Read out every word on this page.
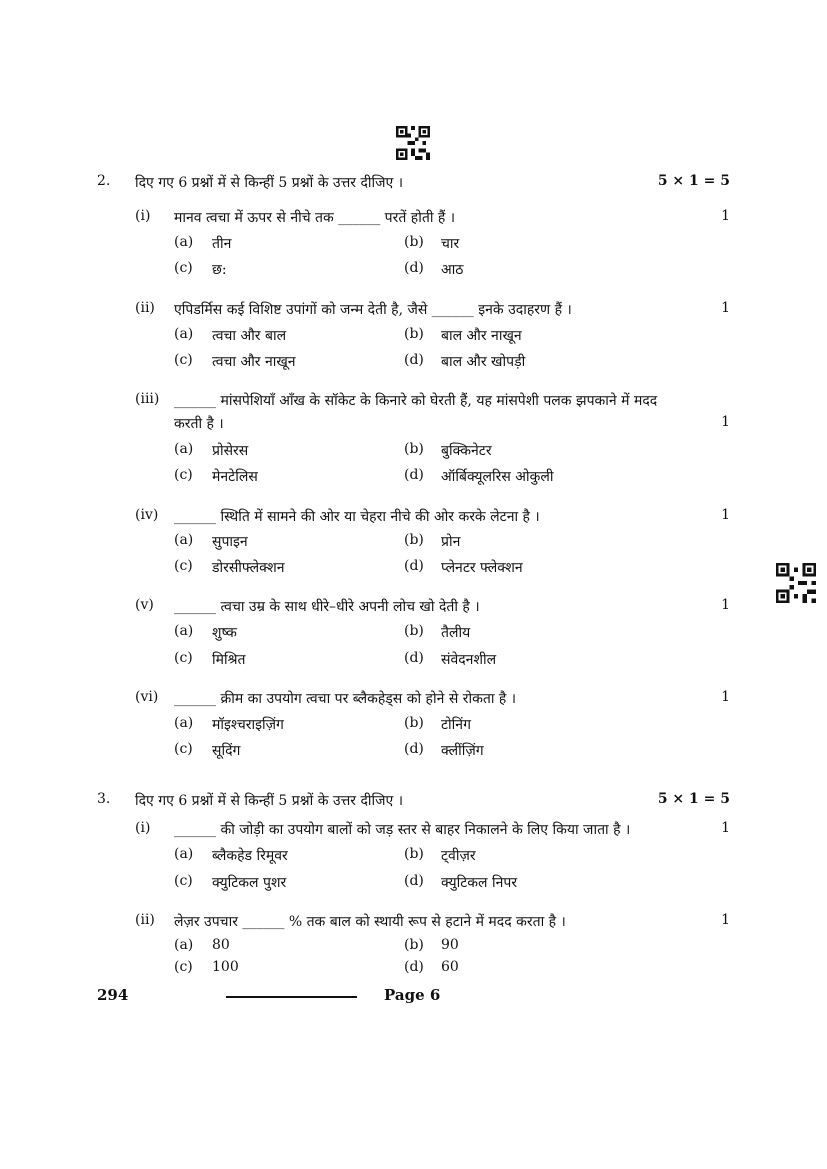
2. दिए गए 6 प्रश्नों में से किन्हीं 5 प्रश्नों के उत्तर दीजिए ।	5 × 1 = 5
(i) मानव त्वचा में ऊपर से नीचे तक ______ परतें होती हैं ।	1
(a) तीन	(b) चार
(c) छ:	(d) आठ
(ii) एपिडर्मिस कई विशिष्ट उपांगों को जन्म देती है, जैसे ______ इनके उदाहरण हैं ।	1
(a) त्वचा और बाल	(b) बाल और नाखून
(c) त्वचा और नाखून	(d) बाल और खोपड़ी
(iii) ______ मांसपेशियाँ आँख के सॉकेट के किनारे को घेरती हैं, यह मांसपेशी पलक झपकाने में मदद
करती है ।	1
(a) प्रोसेरस	(b) बुक्किनेटर
(c) मेनटेलिस	(d) ऑर्बिक्यूलरिस ओकुली
(iv) ______ स्थिति में सामने की ओर या चेहरा नीचे की ओर करके लेटना है ।	1
(a) सुपाइन	(b) प्रोन
(c) डोरसीफ्लेक्शन	(d) प्लेनटर फ्लेक्शन
(v) ______ त्वचा उम्र के साथ धीरे–धीरे अपनी लोच खो देती है ।	1
(a) शुष्क	(b) तैलीय
(c) मिश्रित	(d) संवेदनशील
(vi) ______ क्रीम का उपयोग त्वचा पर ब्लैकहेड्स को होने से रोकता है ।	1
(a) मॉइश्चराइज़िंग	(b) टोनिंग
(c) सूदिंग	(d) क्लींज़िंग
3. दिए गए 6 प्रश्नों में से किन्हीं 5 प्रश्नों के उत्तर दीजिए ।	5 × 1 = 5
(i) ______ की जोड़ी का उपयोग बालों को जड़ स्तर से बाहर निकालने के लिए किया जाता है ।	1
(a) ब्लैकहेड रिमूवर	(b) ट्वीज़र
(c) क्युटिकल पुशर	(d) क्युटिकल निपर
(ii) लेज़र उपचार ______ % तक बाल को स्थायी रूप से हटाने में मदद करता है ।	1
(a) 80	(b) 90
(c) 100	(d) 60
294	Page 6
